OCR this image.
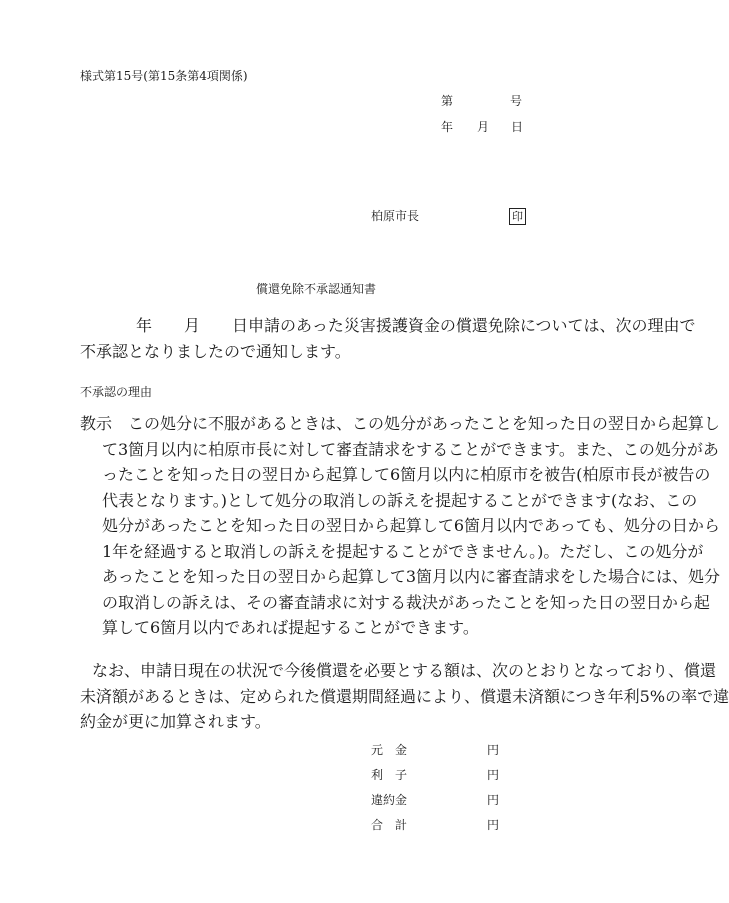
様式第15号(第15条第4項関係)
第	号
年 月 日
柏原市長	印
償還免除不承認通知書
年　　月　　日申請のあった災害援護資金の償還免除については、次の理由で
不承認となりましたので通知します。
不承認の理由
教示　この処分に不服があるときは、この処分があったことを知った日の翌日から起算し
て3箇月以内に柏原市長に対して審査請求をすることができます。また、この処分があ
ったことを知った日の翌日から起算して6箇月以内に柏原市を被告(柏原市長が被告の
代表となります。)として処分の取消しの訴えを提起することができます(なお、この
処分があったことを知った日の翌日から起算して6箇月以内であっても、処分の日から
1年を経過すると取消しの訴えを提起することができません。)。ただし、この処分が
あったことを知った日の翌日から起算して3箇月以内に審査請求をした場合には、処分
の取消しの訴えは、その審査請求に対する裁決があったことを知った日の翌日から起
算して6箇月以内であれば提起することができます。
なお、申請日現在の状況で今後償還を必要とする額は、次のとおりとなっており、償還
未済額があるときは、定められた償還期間経過により、償還未済額につき年利5%の率で違
約金が更に加算されます。
元　金	円
利　子	円
違約金	円
合　計	円
